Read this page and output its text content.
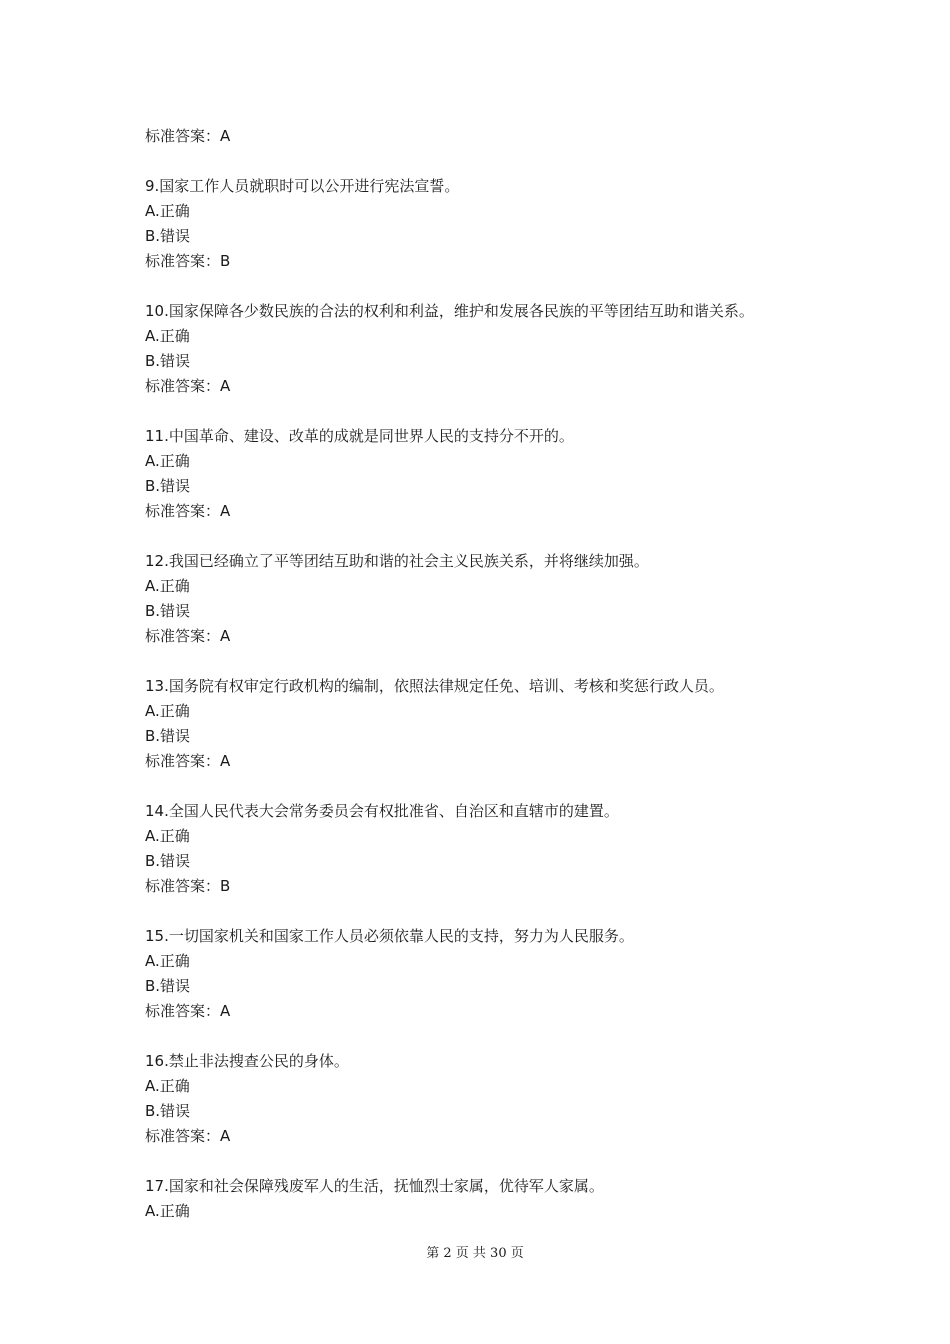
标准答案：A
9.国家工作人员就职时可以公开进行宪法宣誓。
A.正确
B.错误
标准答案：B
10.国家保障各少数民族的合法的权利和利益，维护和发展各民族的平等团结互助和谐关系。
A.正确
B.错误
标准答案：A
11.中国革命、建设、改革的成就是同世界人民的支持分不开的。
A.正确
B.错误
标准答案：A
12.我国已经确立了平等团结互助和谐的社会主义民族关系，并将继续加强。
A.正确
B.错误
标准答案：A
13.国务院有权审定行政机构的编制，依照法律规定任免、培训、考核和奖惩行政人员。
A.正确
B.错误
标准答案：A
14.全国人民代表大会常务委员会有权批准省、自治区和直辖市的建置。
A.正确
B.错误
标准答案：B
15.一切国家机关和国家工作人员必须依靠人民的支持，努力为人民服务。
A.正确
B.错误
标准答案：A
16.禁止非法搜查公民的身体。
A.正确
B.错误
标准答案：A
17.国家和社会保障残废军人的生活，抚恤烈士家属，优待军人家属。
A.正确
第 2 页 共 30 页
